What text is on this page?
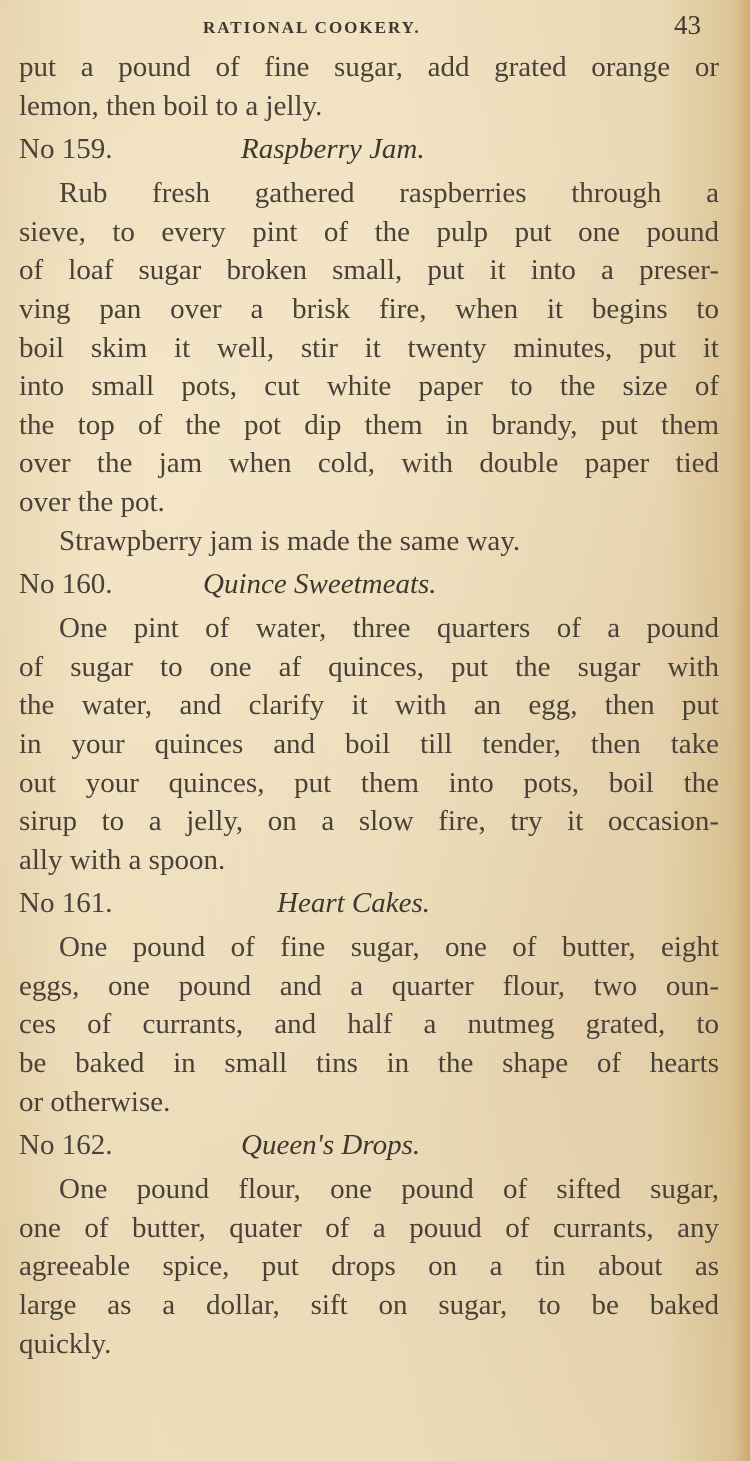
RATIONAL COOKERY.	43
put a pound of fine sugar, add grated orange or
lemon, then boil to a jelly.
No 159.	Raspberry Jam.
Rub fresh gathered raspberries through a
sieve, to every pint of the pulp put one pound
of loaf sugar broken small, put it into a preser-
ving pan over a brisk fire, when it begins to
boil skim it well, stir it twenty minutes, put it
into small pots, cut white paper to the size of
the top of the pot dip them in brandy, put them
over the jam when cold, with double paper tied
over the pot.
Strawpberry jam is made the same way.
No 160.	Quince Sweetmeats.
One pint of water, three quarters of a pound
of sugar to one af quinces, put the sugar with
the water, and clarify it with an egg, then put
in your quinces and boil till tender, then take
out your quinces, put them into pots, boil the
sirup to a jelly, on a slow fire, try it occasion-
ally with a spoon.
No 161.	Heart Cakes.
One pound of fine sugar, one of butter, eight
eggs, one pound and a quarter flour, two oun-
ces of currants, and half a nutmeg grated, to
be baked in small tins in the shape of hearts
or otherwise.
No 162.	Queen's Drops.
One pound flour, one pound of sifted sugar,
one of butter, quater of a pouud of currants, any
agreeable spice, put drops on a tin about as
large as a dollar, sift on sugar, to be baked
quickly.
